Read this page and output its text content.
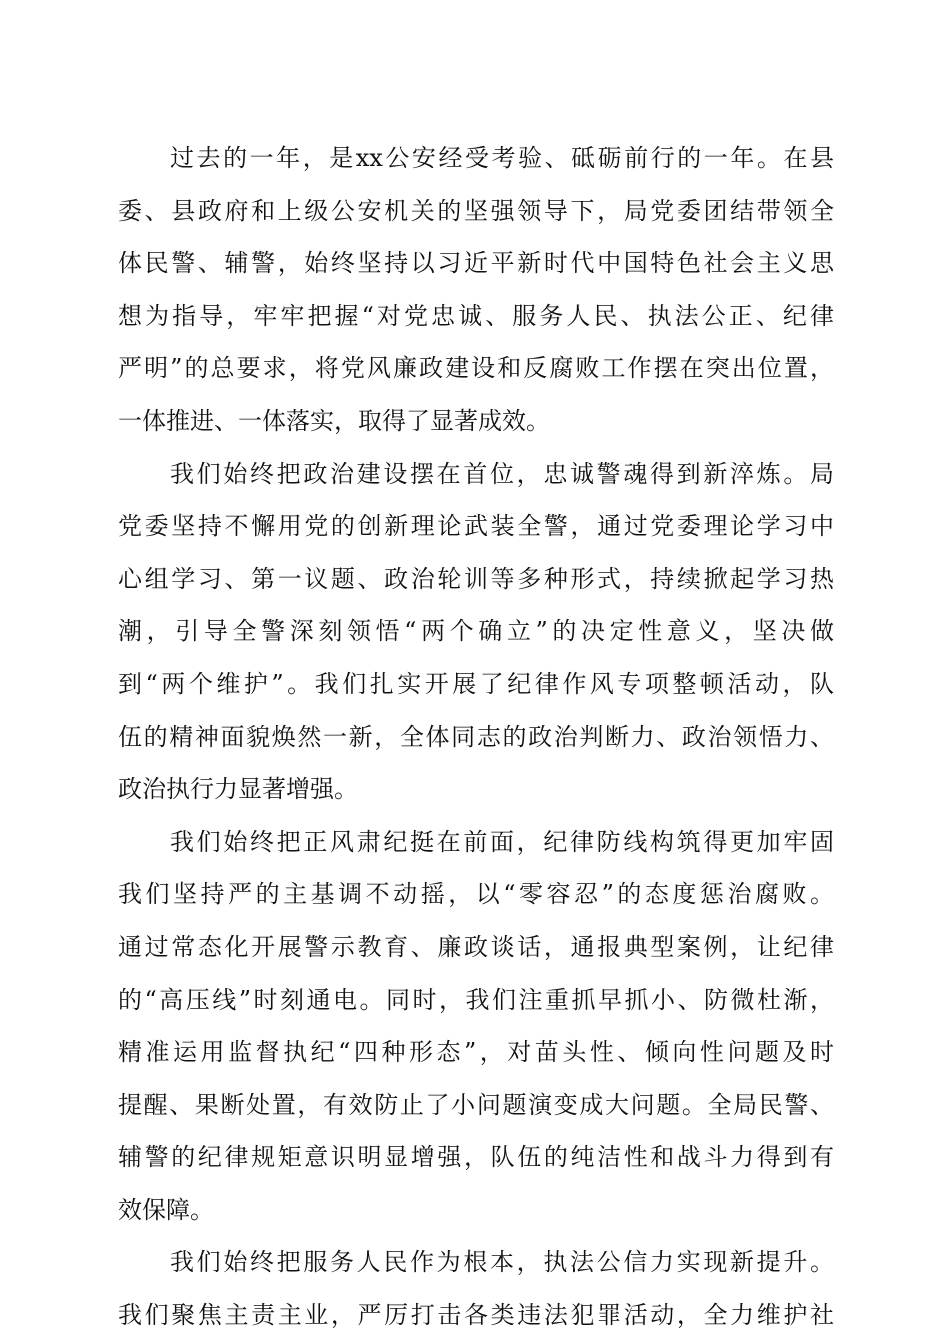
过去的一年，是xx公安经受考验、砥砺前行的一年。在县
委、县政府和上级公安机关的坚强领导下，局党委团结带领全
体民警、辅警，始终坚持以习近平新时代中国特色社会主义思
想为指导，牢牢把握“对党忠诚、服务人民、执法公正、纪律
严明”的总要求，将党风廉政建设和反腐败工作摆在突出位置，
一体推进、一体落实，取得了显著成效。
我们始终把政治建设摆在首位，忠诚警魂得到新淬炼。局
党委坚持不懈用党的创新理论武装全警，通过党委理论学习中
心组学习、第一议题、政治轮训等多种形式，持续掀起学习热
潮，引导全警深刻领悟“两个确立”的决定性意义，坚决做
到“两个维护”。我们扎实开展了纪律作风专项整顿活动，队
伍的精神面貌焕然一新，全体同志的政治判断力、政治领悟力、
政治执行力显著增强。
我们始终把正风肃纪挺在前面，纪律防线构筑得更加牢固
我们坚持严的主基调不动摇，以“零容忍”的态度惩治腐败。
通过常态化开展警示教育、廉政谈话，通报典型案例，让纪律
的“高压线”时刻通电。同时，我们注重抓早抓小、防微杜渐，
精准运用监督执纪“四种形态”，对苗头性、倾向性问题及时
提醒、果断处置，有效防止了小问题演变成大问题。全局民警、
辅警的纪律规矩意识明显增强，队伍的纯洁性和战斗力得到有
效保障。
我们始终把服务人民作为根本，执法公信力实现新提升。
我们聚焦主责主业，严厉打击各类违法犯罪活动，全力维护社
